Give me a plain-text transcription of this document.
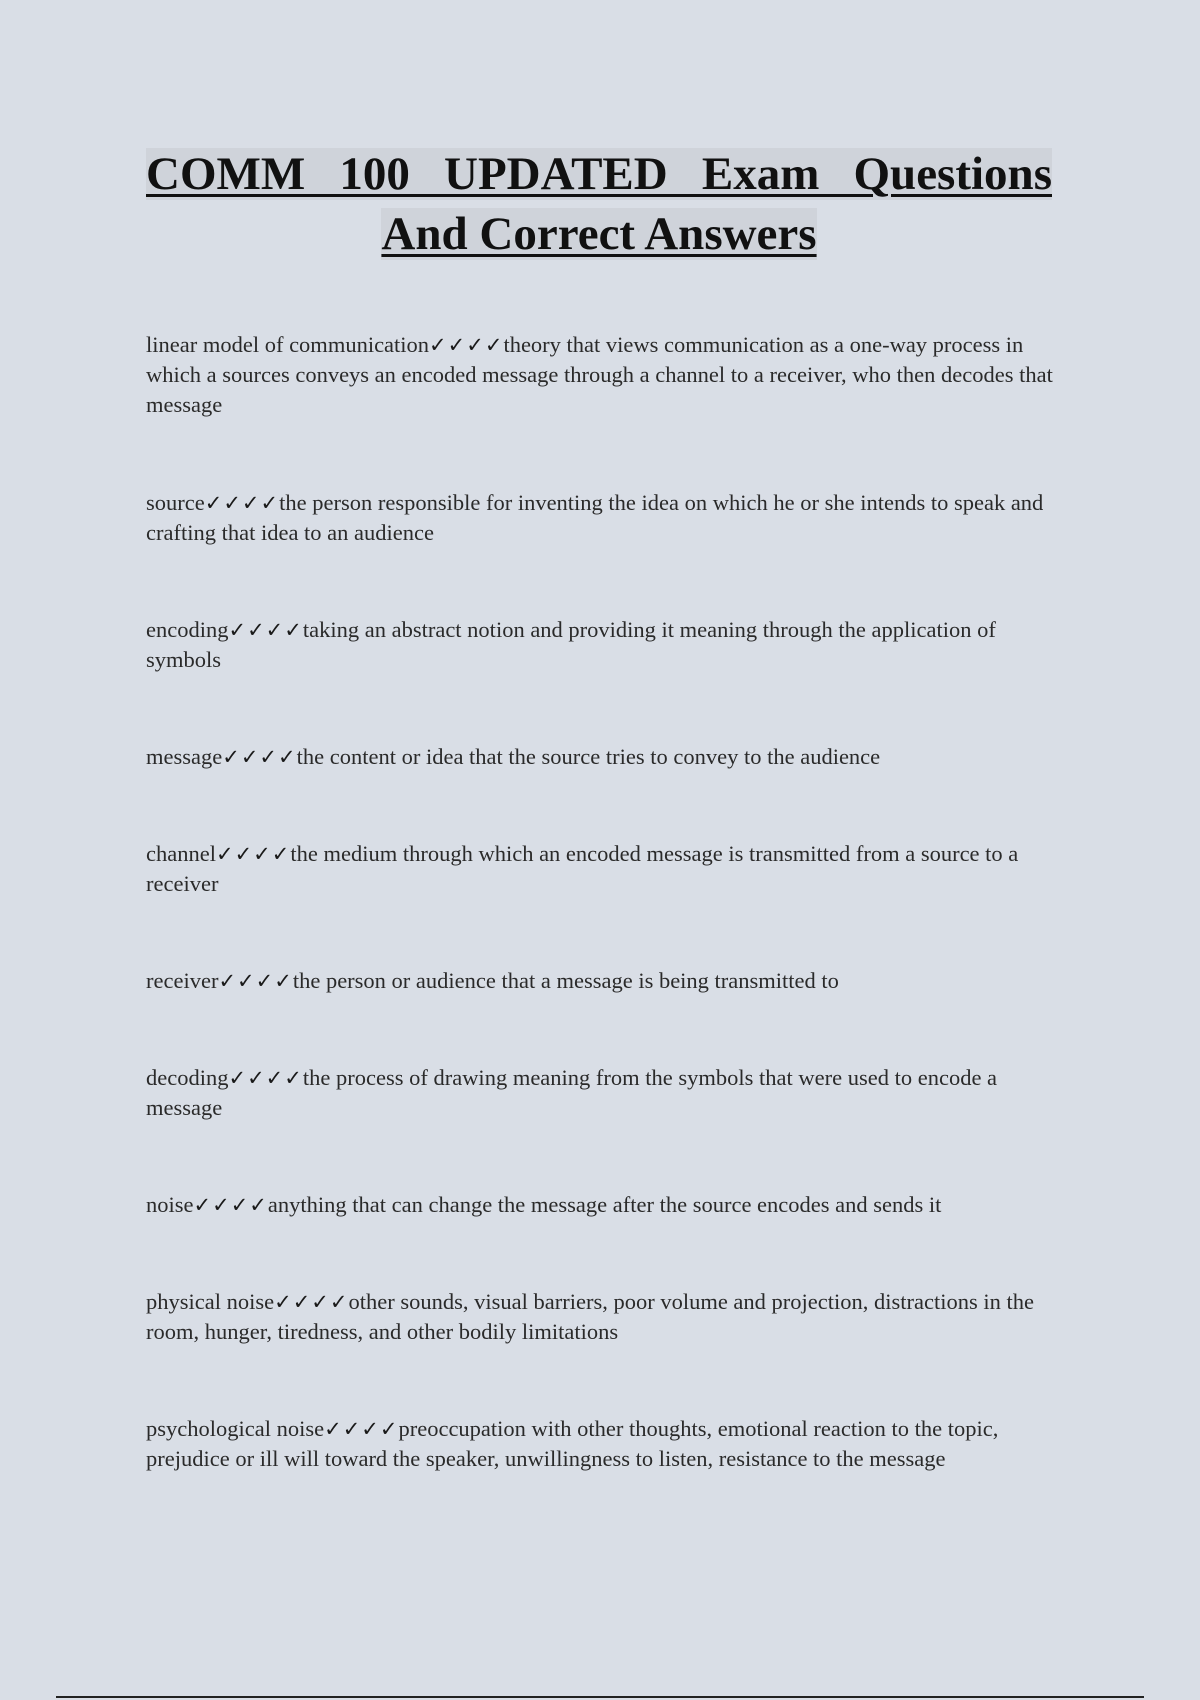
COMM 100 UPDATED Exam Questions
And Correct Answers
linear model of communication✓✓✓✓theory that views communication as a one-way process in which a sources conveys an encoded message through a channel to a receiver, who then decodes that message
source✓✓✓✓the person responsible for inventing the idea on which he or she intends to speak and crafting that idea to an audience
encoding✓✓✓✓taking an abstract notion and providing it meaning through the application of symbols
message✓✓✓✓the content or idea that the source tries to convey to the audience
channel✓✓✓✓the medium through which an encoded message is transmitted from a source to a receiver
receiver✓✓✓✓the person or audience that a message is being transmitted to
decoding✓✓✓✓the process of drawing meaning from the symbols that were used to encode a message
noise✓✓✓✓anything that can change the message after the source encodes and sends it
physical noise✓✓✓✓other sounds, visual barriers, poor volume and projection, distractions in the room, hunger, tiredness, and other bodily limitations
psychological noise✓✓✓✓preoccupation with other thoughts, emotional reaction to the topic, prejudice or ill will toward the speaker, unwillingness to listen, resistance to the message
